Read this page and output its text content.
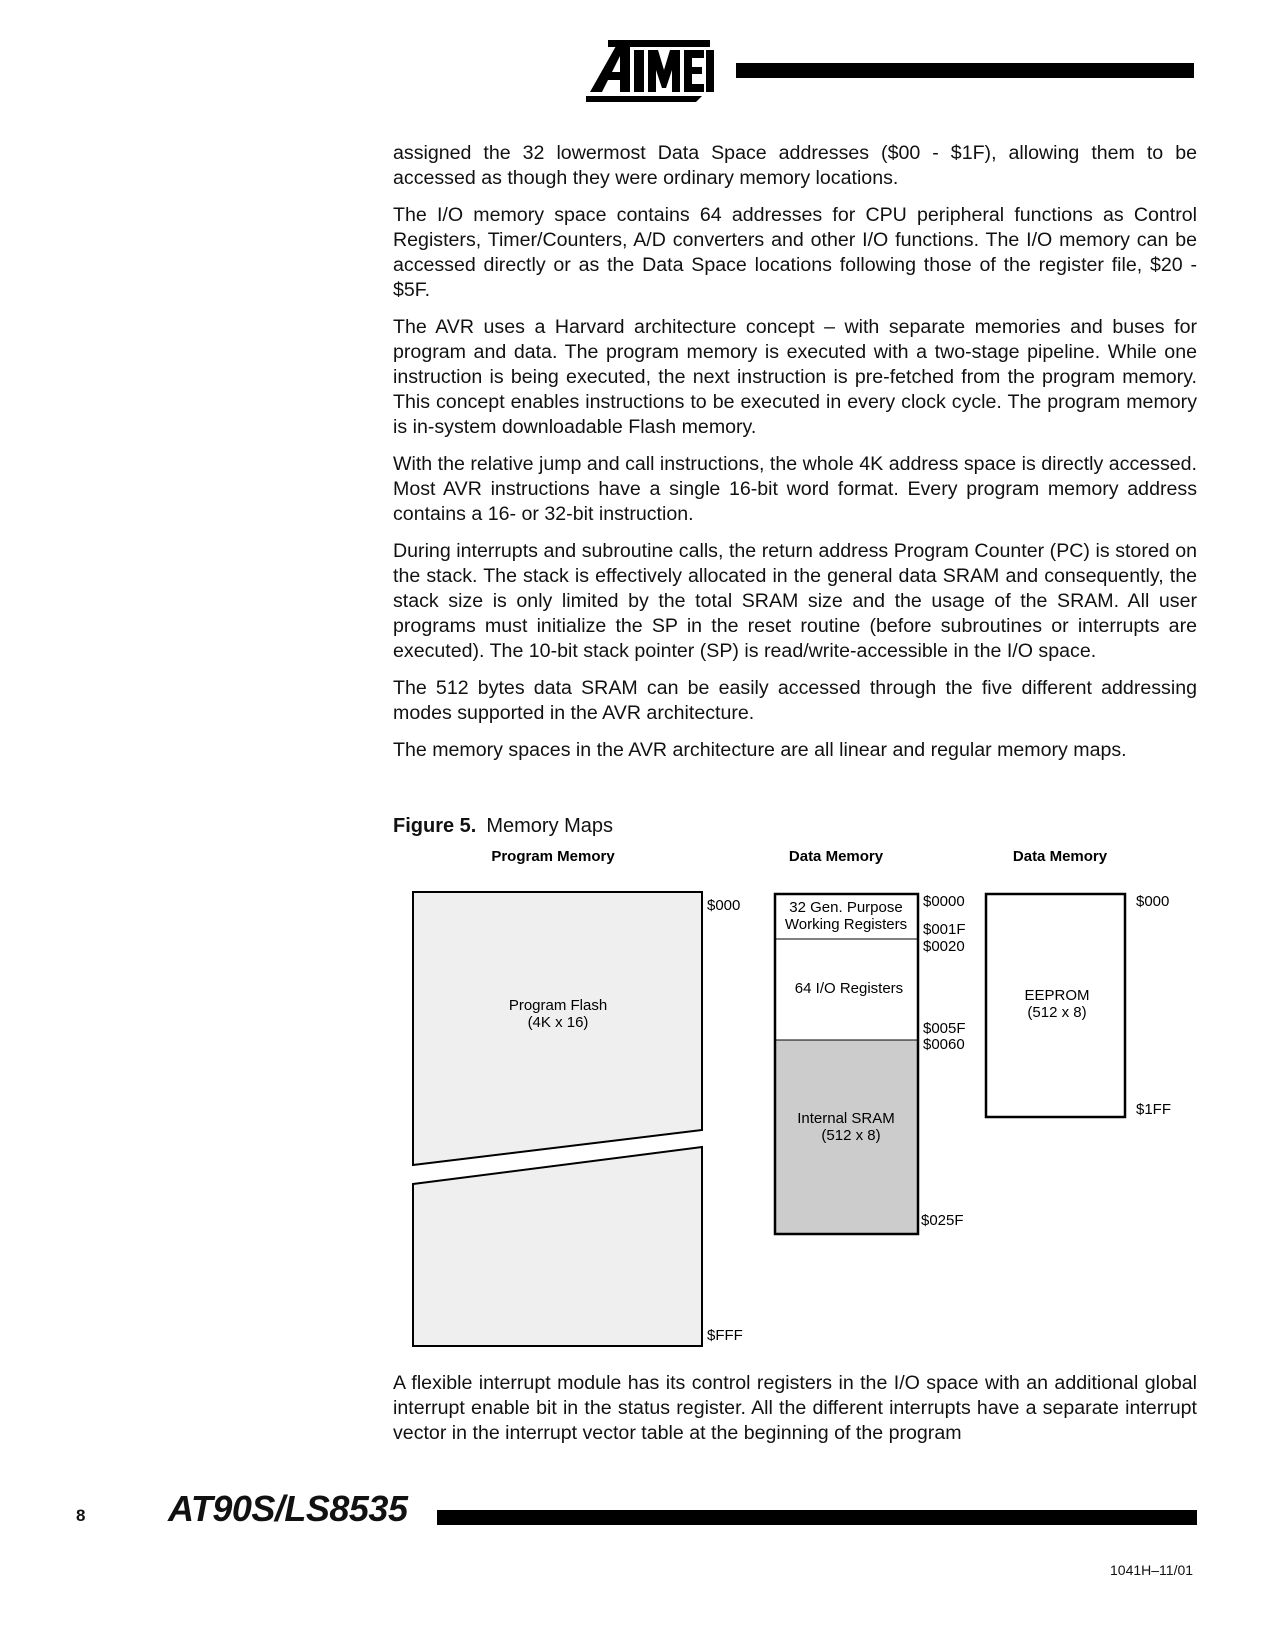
assigned the 32 lowermost Data Space addresses ($00 - $1F), allowing them to be accessed as though they were ordinary memory locations.

The I/O memory space contains 64 addresses for CPU peripheral functions as Control Registers, Timer/Counters, A/D converters and other I/O functions. The I/O memory can be accessed directly or as the Data Space locations following those of the register file, $20 - $5F.

The AVR uses a Harvard architecture concept – with separate memories and buses for program and data. The program memory is executed with a two-stage pipeline. While one instruction is being executed, the next instruction is pre-fetched from the program memory. This concept enables instructions to be executed in every clock cycle. The program memory is in-system downloadable Flash memory.

With the relative jump and call instructions, the whole 4K address space is directly accessed. Most AVR instructions have a single 16-bit word format. Every program memory address contains a 16- or 32-bit instruction.

During interrupts and subroutine calls, the return address Program Counter (PC) is stored on the stack. The stack is effectively allocated in the general data SRAM and consequently, the stack size is only limited by the total SRAM size and the usage of the SRAM. All user programs must initialize the SP in the reset routine (before subroutines or interrupts are executed). The 10-bit stack pointer (SP) is read/write-accessible in the I/O space.

The 512 bytes data SRAM can be easily accessed through the five different addressing modes supported in the AVR architecture.

The memory spaces in the AVR architecture are all linear and regular memory maps.

Figure 5. Memory Maps
Program Memory	Data Memory	Data Memory
Program Flash
(4K x 16)
$000
$FFF
32 Gen. Purpose
Working Registers
64 I/O Registers
Internal SRAM
(512 x 8)
$0000
$001F
$0020
$005F
$0060
$025F
EEPROM
(512 x 8)
$000
$1FF

A flexible interrupt module has its control registers in the I/O space with an additional global interrupt enable bit in the status register. All the different interrupts have a separate interrupt vector in the interrupt vector table at the beginning of the program

8 AT90S/LS8535
1041H–11/01
